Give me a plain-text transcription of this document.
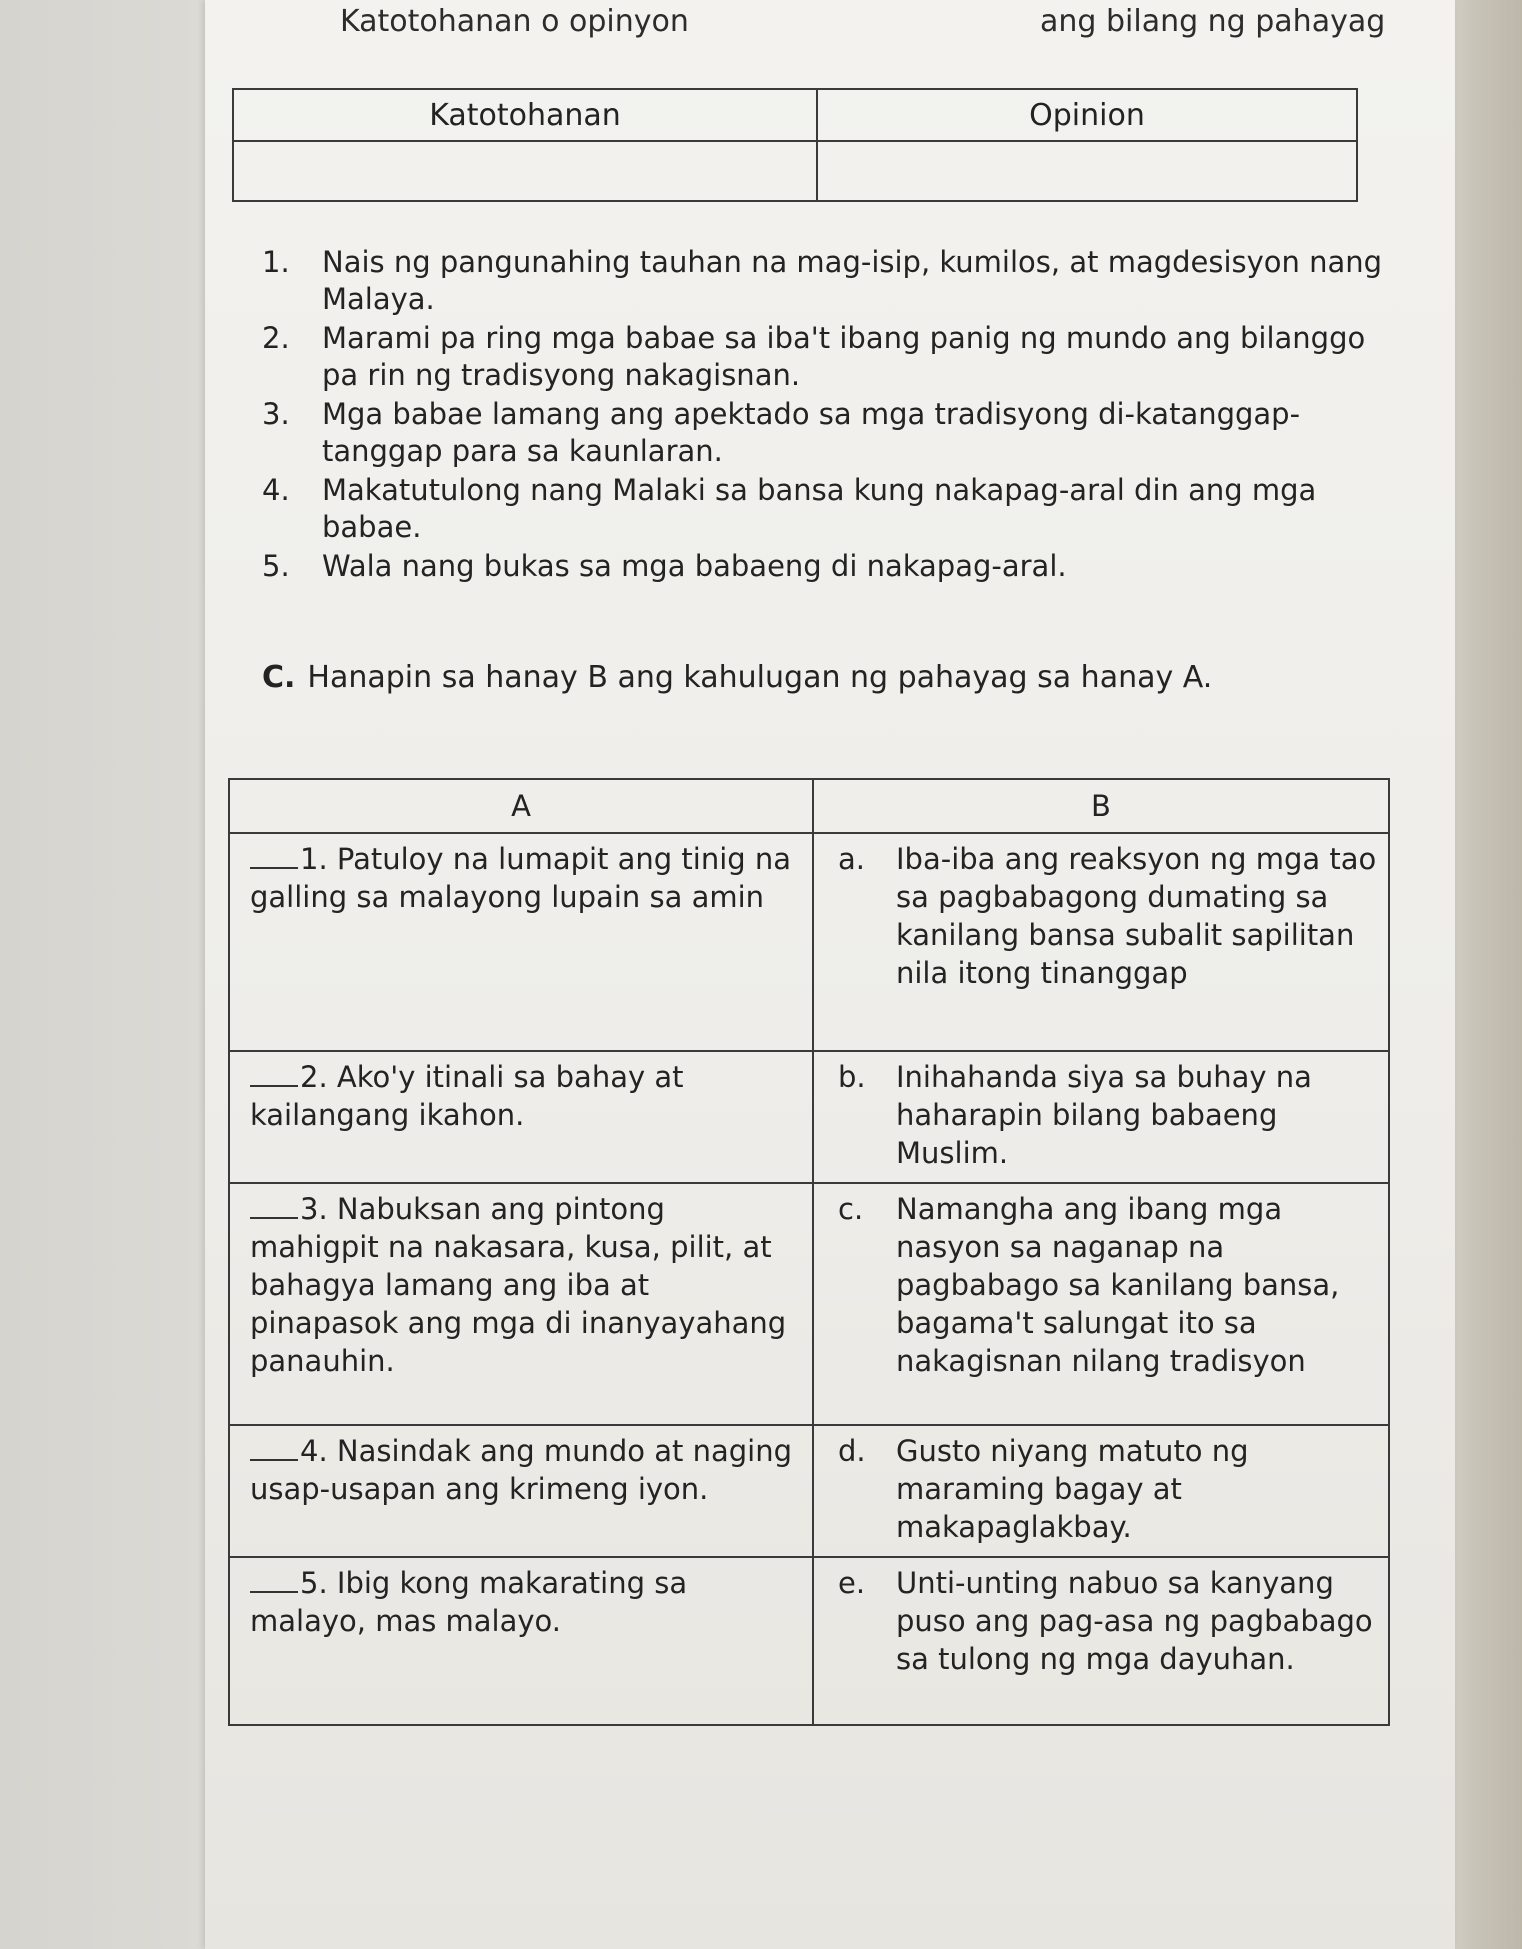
Katotohanan o opinyon	ang bilang ng pahayag
Katotohanan	Opinion

1. Nais ng pangunahing tauhan na mag-isip, kumilos, at magdesisyon nang Malaya.
2. Marami pa ring mga babae sa iba't ibang panig ng mundo ang bilanggo pa rin ng tradisyong nakagisnan.
3. Mga babae lamang ang apektado sa mga tradisyong di-katanggap-tanggap para sa kaunlaran.
4. Makatutulong nang Malaki sa bansa kung nakapag-aral din ang mga babae.
5. Wala nang bukas sa mga babaeng di nakapag-aral.
C. Hanapin sa hanay B ang kahulugan ng pahayag sa hanay A.
A	B
1. Patuloy na lumapit ang tinig na galling sa malayong lupain sa amin	a. Iba-iba ang reaksyon ng mga tao sa pagbabagong dumating sa kanilang bansa subalit sapilitan nila itong tinanggap

2. Ako'y itinali sa bahay at kailangang ikahon.	b. Inihahanda siya sa buhay na haharapin bilang babaeng Muslim.

3. Nabuksan ang pintong mahigpit na nakasara, kusa, pilit, at bahagya lamang ang iba at pinapasok ang mga di inanyayahang panauhin.	c. Namangha ang ibang mga nasyon sa naganap na pagbabago sa kanilang bansa, bagama't salungat ito sa nakagisnan nilang tradisyon

4. Nasindak ang mundo at naging usap-usapan ang krimeng iyon.	d. Gusto niyang matuto ng maraming bagay at makapaglakbay.

5. Ibig kong makarating sa malayo, mas malayo.	e. Unti-unting nabuo sa kanyang puso ang pag-asa ng pagbabago sa tulong ng mga dayuhan.
